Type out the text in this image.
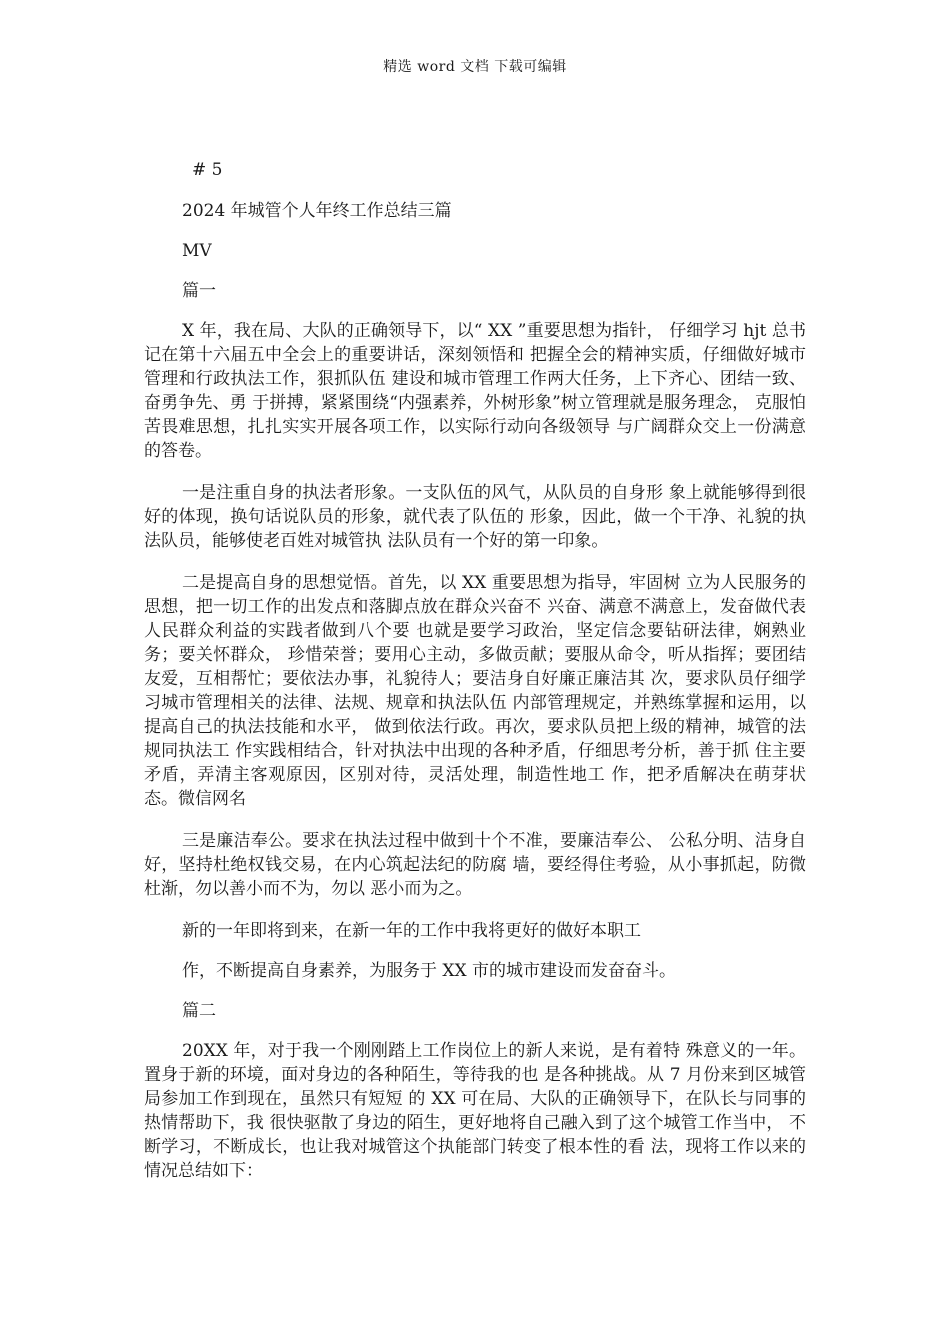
精选 word 文档 下载可编辑
# 5
2024 年城管个人年终工作总结三篇
MV
篇一

X 年，我在局、大队的正确领导下，以“ XX ”重要思想为指针， 仔细学习 hjt 总书记在第十六届五中全会上的重要讲话，深刻领悟和 把握全会的精神实质，仔细做好城市管理和行政执法工作，狠抓队伍 建设和城市管理工作两大任务，上下齐心、团结一致、奋勇争先、勇 于拼搏，紧紧围绕“内强素养，外树形象”树立管理就是服务理念， 克服怕苦畏难思想，扎扎实实开展各项工作，以实际行动向各级领导 与广阔群众交上一份满意的答卷。

一是注重自身的执法者形象。一支队伍的风气，从队员的自身形 象上就能够得到很好的体现，换句话说队员的形象，就代表了队伍的 形象，因此，做一个干净、礼貌的执法队员，能够使老百姓对城管执 法队员有一个好的第一印象。

二是提高自身的思想觉悟。首先，以 XX 重要思想为指导，牢固树 立为人民服务的思想，把一切工作的出发点和落脚点放在群众兴奋不 兴奋、满意不满意上，发奋做代表人民群众利益的实践者做到八个要 也就是要学习政治，坚定信念要钻研法律，娴熟业务；要关怀群众， 珍惜荣誉；要用心主动，多做贡献；要服从命令，听从指挥；要团结 友爱，互相帮忙；要依法办事，礼貌待人；要洁身自好廉正廉洁其 次，要求队员仔细学习城市管理相关的法律、法规、规章和执法队伍 内部管理规定，并熟练掌握和运用，以提高自己的执法技能和水平， 做到依法行政。再次，要求队员把上级的精神，城管的法规同执法工 作实践相结合，针对执法中出现的各种矛盾，仔细思考分析，善于抓 住主要矛盾，弄清主客观原因，区别对待，灵活处理，制造性地工 作，把矛盾解决在萌芽状态。微信网名

三是廉洁奉公。要求在执法过程中做到十个不准，要廉洁奉公、 公私分明、洁身自好，坚持杜绝权钱交易，在内心筑起法纪的防腐 墙，要经得住考验，从小事抓起，防微杜渐，勿以善小而不为，勿以 恶小而为之。

新的一年即将到来，在新一年的工作中我将更好的做好本职工
作，不断提高自身素养，为服务于 XX 市的城市建设而发奋奋斗。
篇二

20XX 年，对于我一个刚刚踏上工作岗位上的新人来说，是有着特 殊意义的一年。置身于新的环境，面对身边的各种陌生，等待我的也 是各种挑战。从 7 月份来到区城管局参加工作到现在，虽然只有短短 的 XX 可在局、大队的正确领导下，在队长与同事的热情帮助下，我 很快驱散了身边的陌生，更好地将自己融入到了这个城管工作当中， 不断学习，不断成长，也让我对城管这个执能部门转变了根本性的看 法，现将工作以来的情况总结如下：
